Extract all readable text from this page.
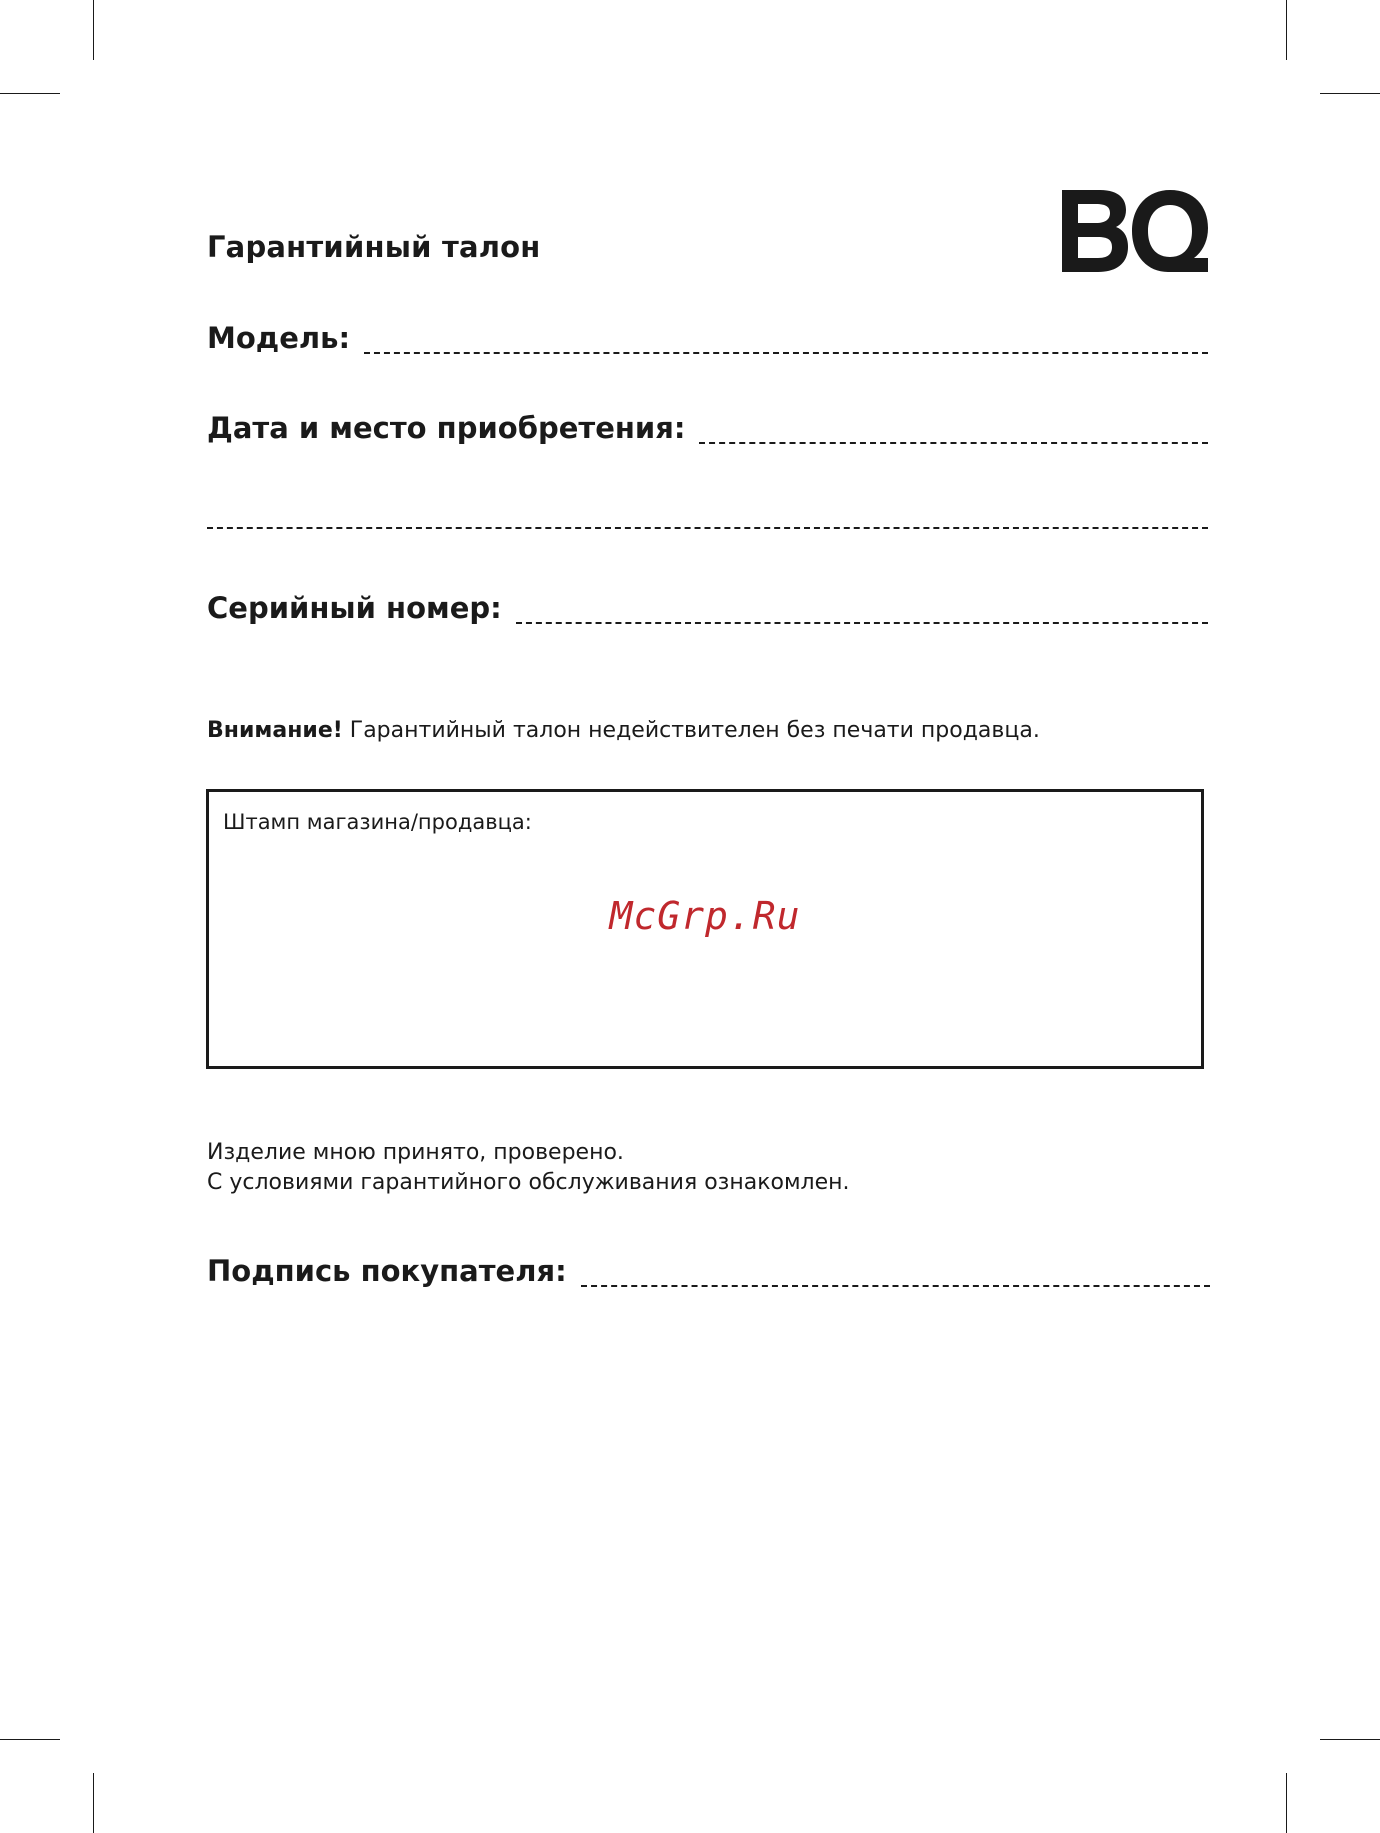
Гарантийный талон
Модель:
Дата и место приобретения:
Серийный номер:
Внимание! Гарантийный талон недействителен без печати продавца.
Штамп магазина/продавца:
McGrp.Ru
Изделие мною принято, проверено.
С условиями гарантийного обслуживания ознакомлен.
Подпись покупателя:
